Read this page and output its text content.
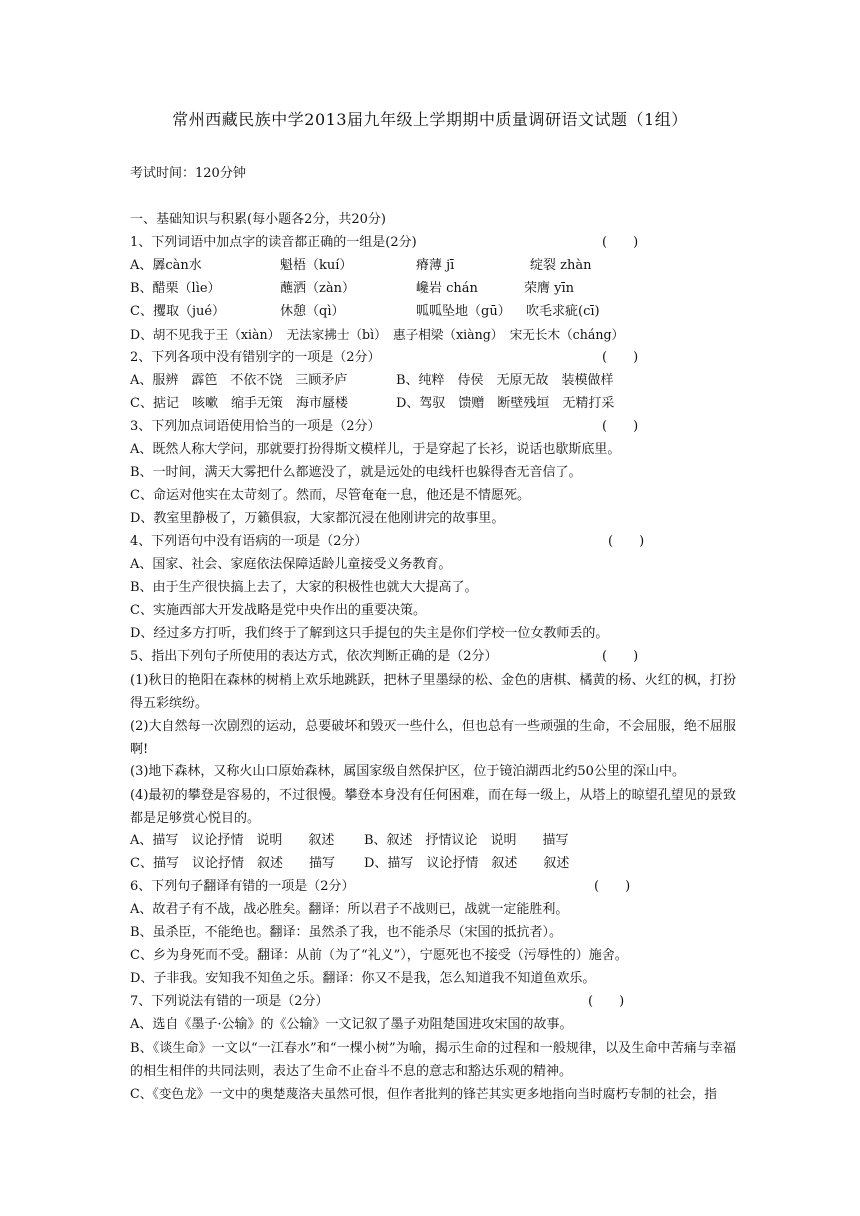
常州西藏民族中学2013届九年级上学期期中质量调研语文试题（1组）
考试时间：120分钟
一、基础知识与积累(每小题各2分，共20分)
1、下列词语中加点字的读音都正确的一组是(2分)	(　　)
A、羼càn水	魁梧（kuí）	瘠薄 jī	绽裂 zhàn
B、醋栗（lìe）	蘸洒（zàn）	巉岩 chán	荣膺 yīn
C、攫取（jué）	休憩（qì）	呱呱坠地（gū） 吹毛求疵(cī)
D、胡不见我于王（xiàn）　无法家拂士（bì）　惠子相梁（xiàng）　宋无长木（cháng）
2、下列各项中没有错别字的一项是（2分）	(　　)
A、服辨　霹笆　不依不饶　三顾矛庐	B、纯粹　侍侯　无原无故　装模做样
C、掂记　咳嗽　缩手无策　海市蜃楼	D、驾驭　馈赠　断壁残垣　无精打采
3、下列加点词语使用恰当的一项是（2分）	(　　)
A、既然人称大学问，那就要打扮得斯文模样儿，于是穿起了长衫，说话也歇斯底里。
B、一时间，满天大雾把什么都遮没了，就是远处的电线杆也躲得杳无音信了。
C、命运对他实在太苛刻了。然而，尽管奄奄一息，他还是不情愿死。
D、教室里静极了，万籁俱寂，大家都沉浸在他刚讲完的故事里。
4、下列语句中没有语病的一项是（2分）	(　　)
A、国家、社会、家庭依法保障适龄儿童接受义务教育。
B、由于生产很快搞上去了，大家的积极性也就大大提高了。
C、实施西部大开发战略是党中央作出的重要决策。
D、经过多方打听，我们终于了解到这只手提包的失主是你们学校一位女教师丢的。
5、指出下列句子所使用的表达方式，依次判断正确的是（2分）	(　　)
(1)秋日的艳阳在森林的树梢上欢乐地跳跃，把林子里墨绿的松、金色的唐棋、橘黄的杨、火红的枫，打扮得五彩缤纷。
(2)大自然每一次剧烈的运动，总要破坏和毁灭一些什么，但也总有一些顽强的生命，不会屈服，绝不屈服啊!
(3)地下森林，又称火山口原始森林，属国家级自然保护区，位于镜泊湖西北约50公里的深山中。
(4)最初的攀登是容易的，不过很慢。攀登本身没有任何困难，而在每一级上，从塔上的晾望孔望见的景致都是足够赏心悦目的。
A、描写　议论抒情　说明　　叙述 B、叙述　抒情议论　说明　　描写
C、描写　议论抒情　叙述　　描写 D、描写　议论抒情　叙述　　叙述
6、下列句子翻译有错的一项是（2分）	(　　)
A、故君子有不战，战必胜矣。翻译：所以君子不战则已，战就一定能胜利。
B、虽杀臣，不能绝也。翻译：虽然杀了我，也不能杀尽（宋国的抵抗者）。
C、乡为身死而不受。翻译：从前（为了“礼义”），宁愿死也不接受（污辱性的）施舍。
D、子非我。安知我不知鱼之乐。翻译：你又不是我，怎么知道我不知道鱼欢乐。
7、下列说法有错的一项是（2分）	(　　)
A、选自《墨子·公输》的《公输》一文记叙了墨子劝阻楚国进攻宋国的故事。
B、《谈生命》一文以“一江春水”和“一棵小树”为喻，揭示生命的过程和一般规律，以及生命中苦痛与幸福的相生相伴的共同法则，表达了生命不止奋斗不息的意志和豁达乐观的精神。
C、《变色龙》一文中的奥楚蔑洛夫虽然可恨，但作者批判的锋芒其实更多地指向当时腐朽专制的社会，指
